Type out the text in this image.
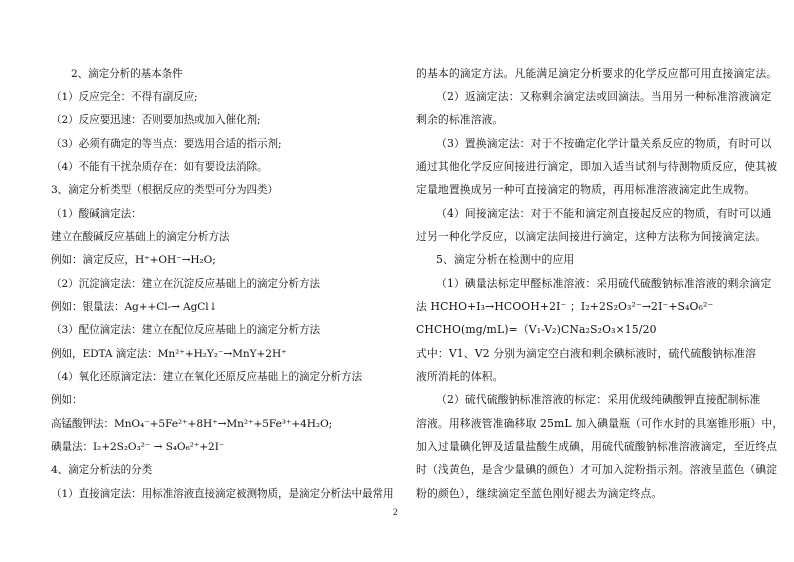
2、滴定分析的基本条件
（1）反应完全：不得有副反应;
（2）反应要迅速：否则要加热或加入催化剂;
（3）必须有确定的等当点：要选用合适的指示剂;
（4）不能有干扰杂质存在：如有要设法消除。
3、滴定分析类型（根据反应的类型可分为四类）
（1）酸碱滴定法：
建立在酸碱反应基础上的滴定分析方法
例如：滴定反应，H⁺+OH⁻→H₂O;
（2）沉淀滴定法：建立在沉淀反应基础上的滴定分析方法
例如：银量法：Ag++Cl-→ AgCl↓
（3）配位滴定法：建立在配位反应基础上的滴定分析方法
例如，EDTA 滴定法：Mn²⁺+H₂Y₂⁻→MnY+2H⁺
（4）氧化还原滴定法：建立在氧化还原反应基础上的滴定分析方法
例如：
高锰酸钾法：MnO₄⁻+5Fe²⁺+8H⁺→Mn²⁺+5Fe³⁺+4H₂O;
碘量法：I₂+2S₂O₃²⁻ → S₄O₆²⁺+2I⁻
4、滴定分析法的分类
（1）直接滴定法：用标准溶液直接滴定被测物质，是滴定分析法中最常用
的基本的滴定方法。凡能满足滴定分析要求的化学反应都可用直接滴定法。
（2）返滴定法：又称剩余滴定法或回滴法。当用另一种标准溶液滴定
剩余的标准溶液。
（3）置换滴定法：对于不按确定化学计量关系反应的物质，有时可以
通过其他化学反应间接进行滴定，即加入适当试剂与待测物质反应，使其被
定量地置换成另一种可直接滴定的物质，再用标准溶液滴定此生成物。
（4）间接滴定法：对于不能和滴定剂直接起反应的物质，有时可以通
过另一种化学反应，以滴定法间接进行滴定，这种方法称为间接滴定法。
5、滴定分析在检测中的应用
（1）碘量法标定甲醛标准溶液：采用硫代硫酸钠标准溶液的剩余滴定
法 HCHO+I₃→HCOOH+2I⁻ ；I₂+2S₂O₃²⁻→2I⁻+S₄O₆²⁻
CHCHO(mg/mL)=（V₁-V₂)CNa₂S₂O₃×15/20
式中：V1、V2 分别为滴定空白液和剩余碘标液时，硫代硫酸钠标准溶
液所消耗的体积。
（2）硫代硫酸钠标准溶液的标定：采用优级纯碘酸钾直接配制标准
溶液。用移液管准确移取 25mL 加入碘量瓶（可作水封的具塞锥形瓶）中，
加入过量碘化钾及适量盐酸生成碘，用硫代硫酸钠标准溶液滴定，至近终点
时（浅黄色，是含少量碘的颜色）才可加入淀粉指示剂。溶液呈蓝色（碘淀
粉的颜色），继续滴定至蓝色刚好褪去为滴定终点。
2
